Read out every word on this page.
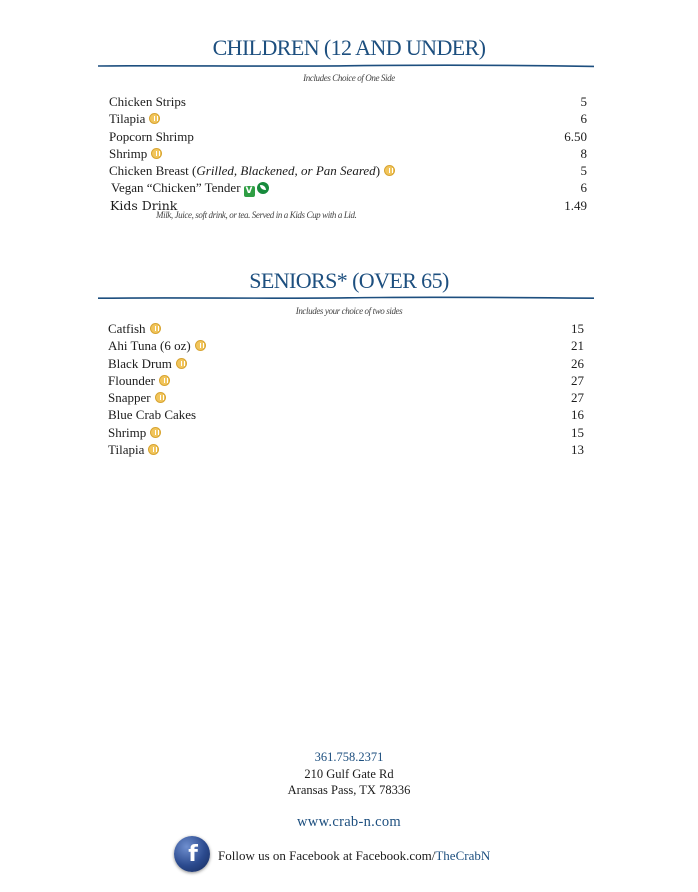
CHILDREN (12 AND UNDER)
Includes Choice of One Side
Chicken Strips	5
Tilapia	6
Popcorn Shrimp	6.50
Shrimp	8
Chicken Breast (Grilled, Blackened, or Pan Seared)	5
Vegan “Chicken” Tender V	6
Kids Drink	1.49
Milk, Juice, soft drink, or tea. Served in a Kids Cup with a Lid.
SENIORS* (OVER 65)
Includes your choice of two sides
Catfish	15
Ahi Tuna (6 oz)	21
Black Drum	26
Flounder	27
Snapper	27
Blue Crab Cakes	16
Shrimp	15
Tilapia	13
361.758.2371
210 Gulf Gate Rd
Aransas Pass, TX 78336
www.crab-n.com
f	Follow us on Facebook at Facebook.com/TheCrabN
